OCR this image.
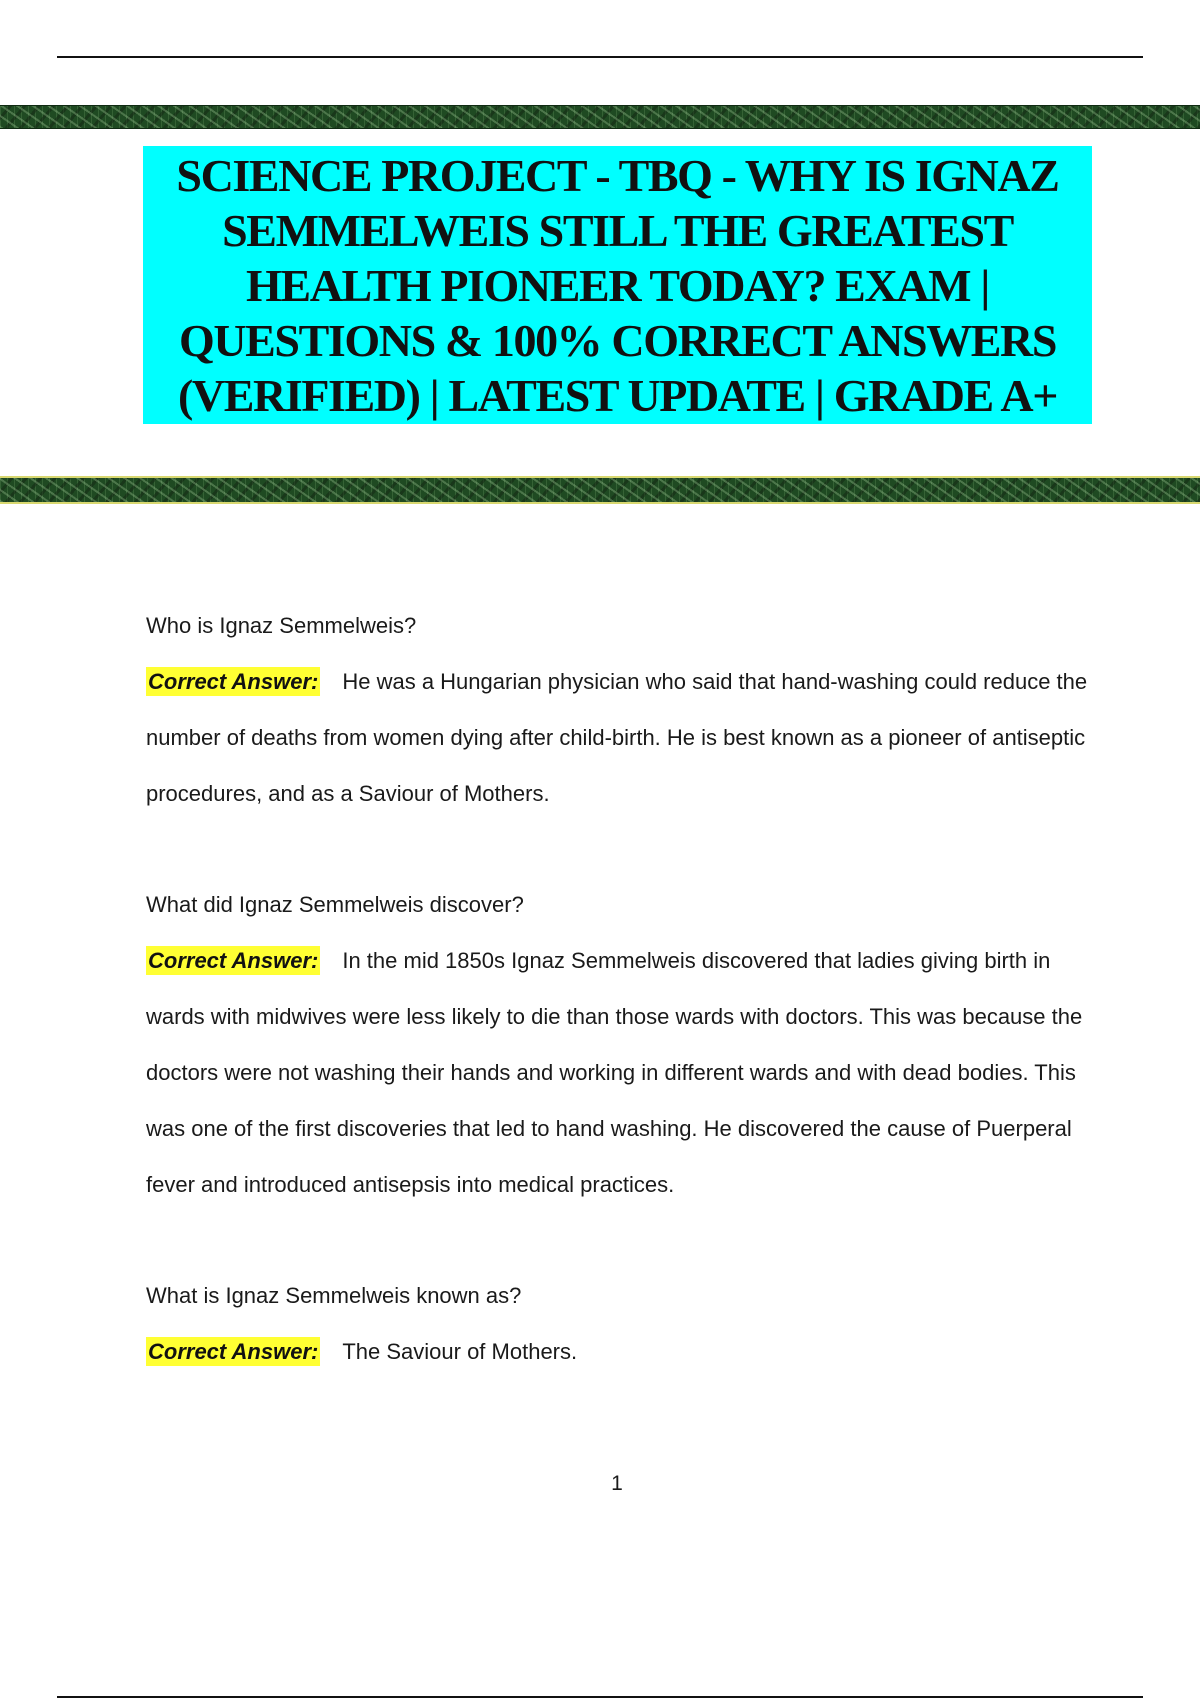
SCIENCE PROJECT - TBQ - WHY IS IGNAZ SEMMELWEIS STILL THE GREATEST HEALTH PIONEER TODAY? EXAM | QUESTIONS & 100% CORRECT ANSWERS (VERIFIED) | LATEST UPDATE | GRADE A+

Who is Ignaz Semmelweis?

Correct Answer: He was a Hungarian physician who said that hand-washing could reduce the number of deaths from women dying after child-birth. He is best known as a pioneer of antiseptic procedures, and as a Saviour of Mothers.

What did Ignaz Semmelweis discover?

Correct Answer: In the mid 1850s Ignaz Semmelweis discovered that ladies giving birth in wards with midwives were less likely to die than those wards with doctors. This was because the doctors were not washing their hands and working in different wards and with dead bodies. This was one of the first discoveries that led to hand washing. He discovered the cause of Puerperal fever and introduced antisepsis into medical practices.

What is Ignaz Semmelweis known as?

Correct Answer: The Saviour of Mothers.

1
